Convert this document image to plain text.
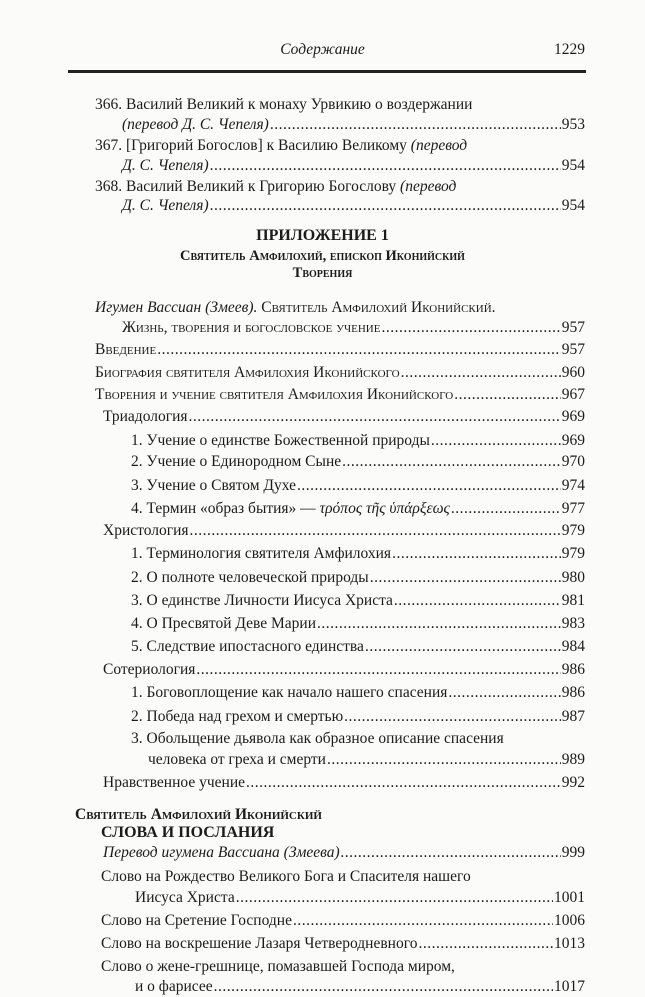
Содержание	1229
366. Василий Великий к монаху Урвикию о воздержании
(перевод Д. С. Чепеля) .....	953
367. [Григорий Богослов] к Василию Великому (перевод
Д. С. Чепеля) .....	954
368. Василий Великий к Григорию Богослову (перевод
Д. С. Чепеля) .....	954
ПРИЛОЖЕНИЕ 1
Святитель Амфилохий, епископ Иконийский
Творения
Игумен Вассиан (Змеев). Святитель Амфилохий Иконийский.
Жизнь, творения и богословское учение .....	957
Введение .....	957
Биография святителя Амфилохия Иконийского .....	960
Творения и учение святителя Амфилохия Иконийского .....	967
Триадология .....	969
1. Учение о единстве Божественной природы .....	969
2. Учение о Единородном Сыне .....	970
3. Учение о Святом Духе .....	974
4. Термин «образ бытия» — τρόπος τῆς ὑπάρξεως .....	977
Христология .....	979
1. Терминология святителя Амфилохия .....	979
2. О полноте человеческой природы .....	980
3. О единстве Личности Иисуса Христа .....	981
4. О Пресвятой Деве Марии .....	983
5. Следствие ипостасного единства .....	984
Сотериология .....	986
1. Боговоплощение как начало нашего спасения .....	986
2. Победа над грехом и смертью .....	987
3. Обольщение дьявола как образное описание спасения
человека от греха и смерти .....	989
Нравственное учение .....	992
Святитель Амфилохий Иконийский
СЛОВА И ПОСЛАНИЯ
Перевод игумена Вассиана (Змеева) .....	999
Слово на Рождество Великого Бога и Спасителя нашего
Иисуса Христа .....	1001
Слово на Сретение Господне .....	1006
Слово на воскрешение Лазаря Четверодневного .....	1013
Слово о жене-грешнице, помазавшей Господа миром,
и о фарисее .....	1017
